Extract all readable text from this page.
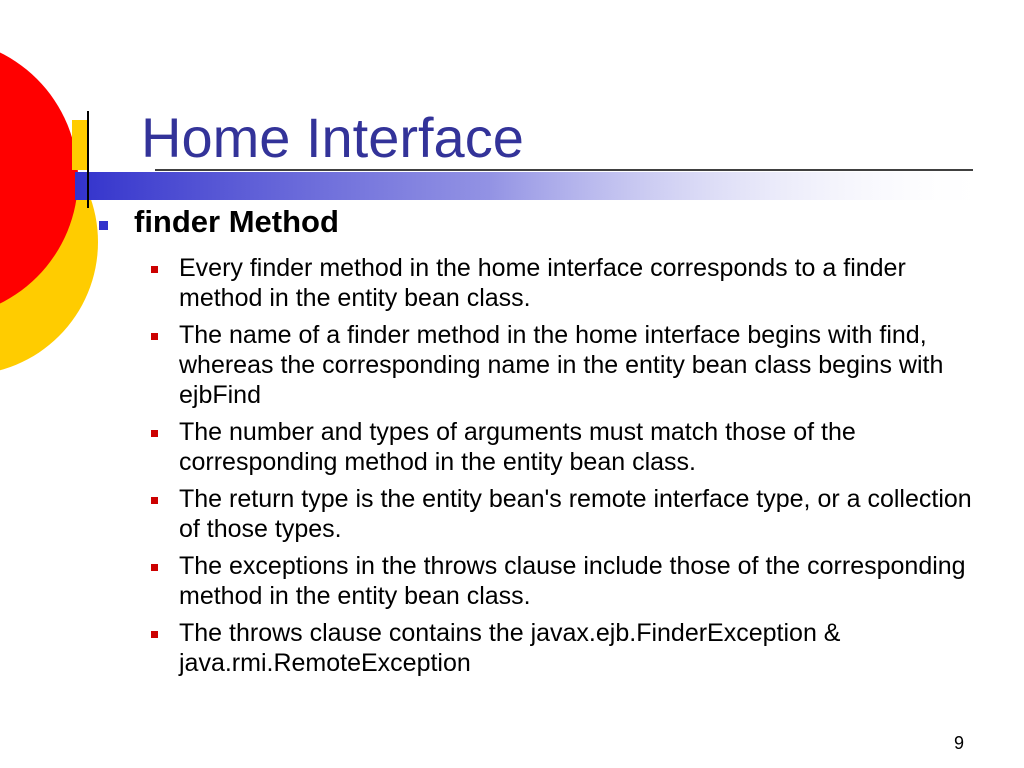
Home Interface
finder Method
Every finder method in the home interface corresponds to a finder method in the entity bean class.
The name of a finder method in the home interface begins with find, whereas the corresponding name in the entity bean class begins with ejbFind
The number and types of arguments must match those of the corresponding method in the entity bean class.
The return type is the entity bean's remote interface type, or a collection of those types.
The exceptions in the throws clause include those of the corresponding method in the entity bean class.
The throws clause contains the javax.ejb.FinderException & java.rmi.RemoteException
9
